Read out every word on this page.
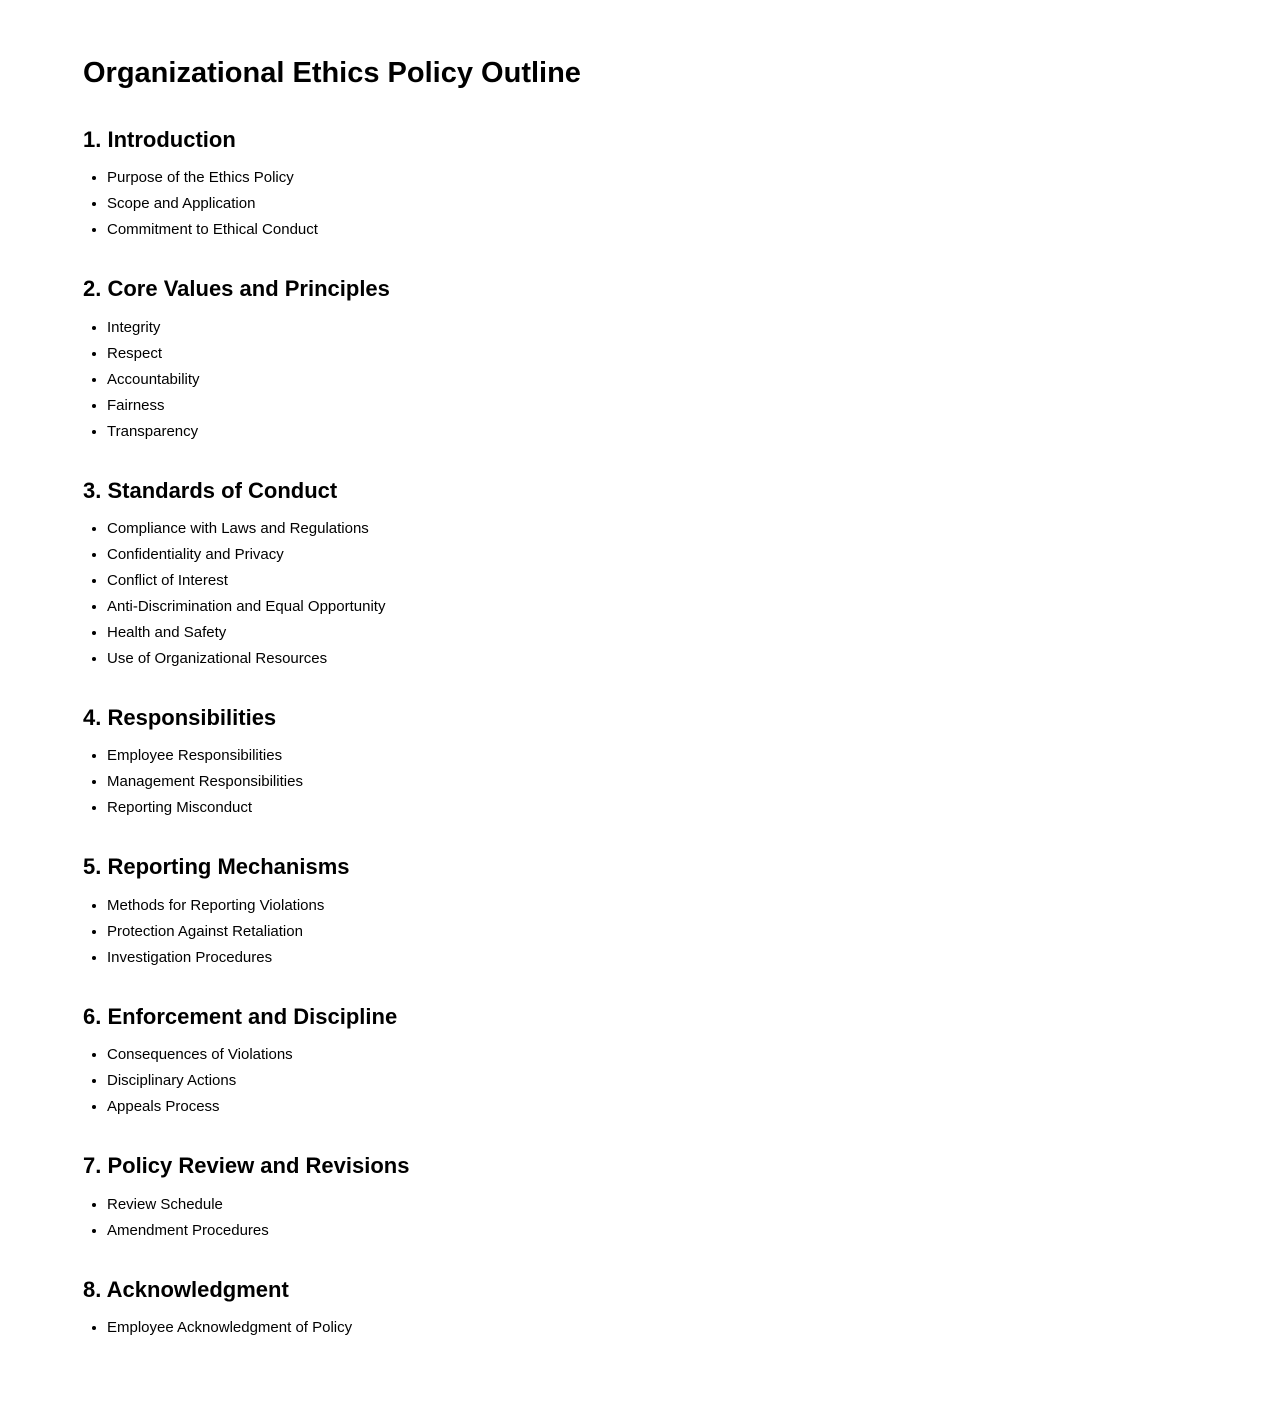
Organizational Ethics Policy Outline
1. Introduction
• Purpose of the Ethics Policy
• Scope and Application
• Commitment to Ethical Conduct
2. Core Values and Principles
• Integrity
• Respect
• Accountability
• Fairness
• Transparency
3. Standards of Conduct
• Compliance with Laws and Regulations
• Confidentiality and Privacy
• Conflict of Interest
• Anti-Discrimination and Equal Opportunity
• Health and Safety
• Use of Organizational Resources
4. Responsibilities
• Employee Responsibilities
• Management Responsibilities
• Reporting Misconduct
5. Reporting Mechanisms
• Methods for Reporting Violations
• Protection Against Retaliation
• Investigation Procedures
6. Enforcement and Discipline
• Consequences of Violations
• Disciplinary Actions
• Appeals Process
7. Policy Review and Revisions
• Review Schedule
• Amendment Procedures
8. Acknowledgment
• Employee Acknowledgment of Policy
